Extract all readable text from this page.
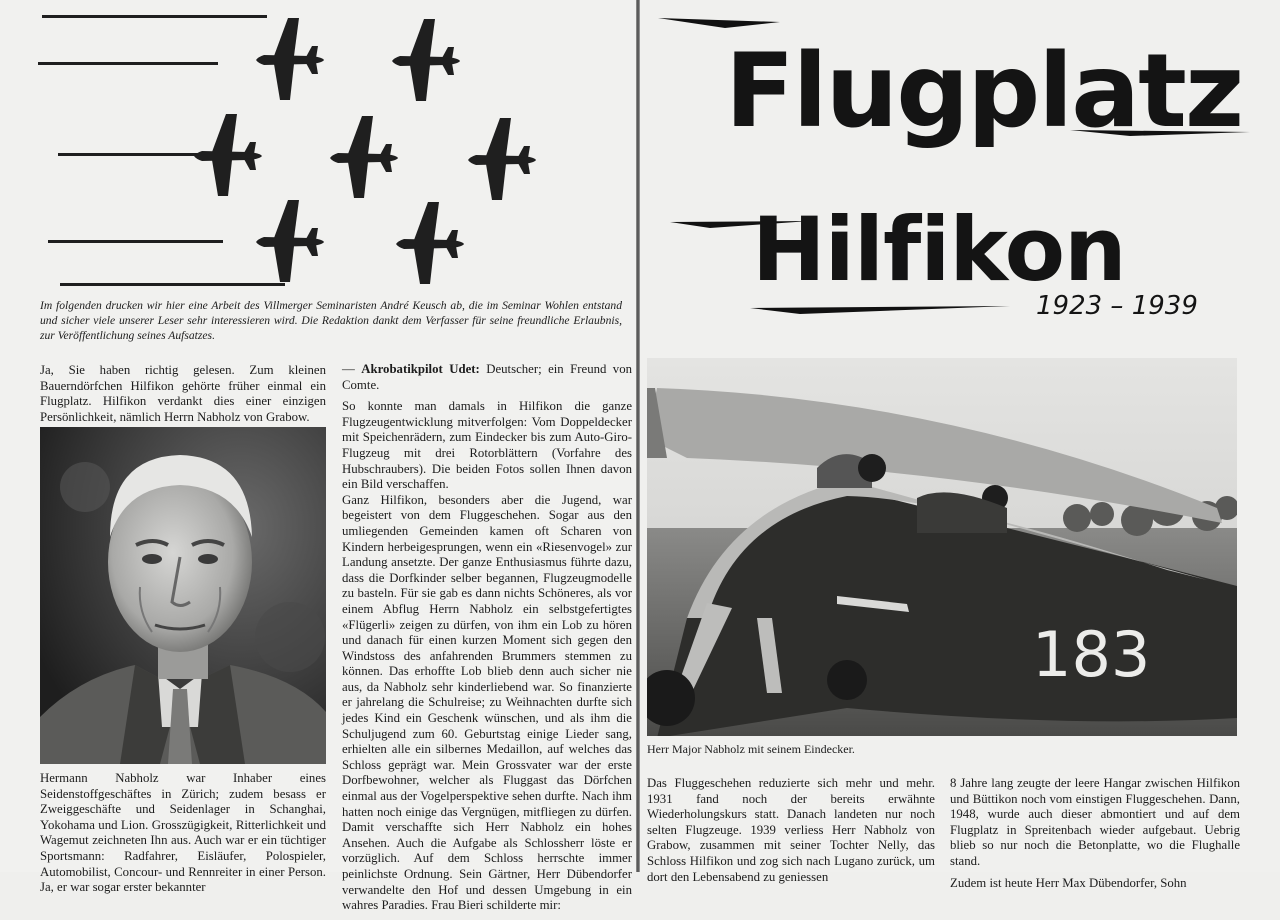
Im folgenden drucken wir hier eine Arbeit des Villmerger Seminaristen André Keusch ab, die im Seminar Wohlen entstand und sicher viele unserer Leser sehr interessieren wird. Die Redaktion dankt dem Verfasser für seine freundliche Erlaubnis, zur Veröffentlichung seines Aufsatzes.

Ja, Sie haben richtig gelesen. Zum kleinen Bauerndörfchen Hilfikon gehörte früher einmal ein Flugplatz. Hilfikon verdankt dies einer einzigen Persönlichkeit, nämlich Herrn Nabholz von Grabow.

Hermann Nabholz war Inhaber eines Seidenstoffgeschäftes in Zürich; zudem besass er Zweiggeschäfte und Seidenlager in Schanghai, Yokohama und Lion. Grosszügigkeit, Ritterlichkeit und Wagemut zeichneten Ihn aus. Auch war er ein tüchtiger Sportsmann: Radfahrer, Eisläufer, Polospieler, Automobilist, Concour- und Rennreiter in einer Person. Ja, er war sogar erster bekannter

— Akrobatikpilot Udet: Deutscher; ein Freund von Comte.

So konnte man damals in Hilfikon die ganze Flugzeugentwicklung mitverfolgen: Vom Doppeldecker mit Speichenrädern, zum Eindecker bis zum Auto-Giro-Flugzeug mit drei Rotorblättern (Vorfahre des Hubschraubers). Die beiden Fotos sollen Ihnen davon ein Bild verschaffen.

Ganz Hilfikon, besonders aber die Jugend, war begeistert von dem Fluggeschehen. Sogar aus den umliegenden Gemeinden kamen oft Scharen von Kindern herbeigesprungen, wenn ein «Riesenvogel» zur Landung ansetzte. Der ganze Enthusiasmus führte dazu, dass die Dorfkinder selber begannen, Flugzeugmodelle zu basteln. Für sie gab es dann nichts Schöneres, als vor einem Abflug Herrn Nabholz ein selbstgefertigtes «Flügerli» zeigen zu dürfen, von ihm ein Lob zu hören und danach für einen kurzen Moment sich gegen den Windstoss des anfahrenden Brummers stemmen zu können. Das erhoffte Lob blieb denn auch sicher nie aus, da Nabholz sehr kinderliebend war. So finanzierte er jahrelang die Schulreise; zu Weihnachten durfte sich jedes Kind ein Geschenk wünschen, und als ihm die Schuljugend zum 60. Geburtstag einige Lieder sang, erhielten alle ein silbernes Medaillon, auf welches das Schloss geprägt war. Mein Grossvater war der erste Dorfbewohner, welcher als Fluggast das Dörfchen einmal aus der Vogelperspektive sehen durfte. Nach ihm hatten noch einige das Vergnügen, mitfliegen zu dürfen. Damit verschaffte sich Herr Nabholz ein hohes Ansehen. Auch die Aufgabe als Schlossherr löste er vorzüglich. Auf dem Schloss herrschte immer peinlichste Ordnung. Sein Gärtner, Herr Dübendorfer verwandelte den Hof und dessen Umgebung in ein wahres Paradies. Frau Bieri schilderte mir:

Flugplatz
Hilfikon
1923 – 1939
183

Herr Major Nabholz mit seinem Eindecker.

Das Fluggeschehen reduzierte sich mehr und mehr. 1931 fand noch der bereits erwähnte Wiederholungskurs statt. Danach landeten nur noch selten Flugzeuge. 1939 verliess Herr Nabholz von Grabow, zusammen mit seiner Tochter Nelly, das Schloss Hilfikon und zog sich nach Lugano zurück, um dort den Lebensabend zu geniessen

8 Jahre lang zeugte der leere Hangar zwischen Hilfikon und Büttikon noch vom einstigen Fluggeschehen. Dann, 1948, wurde auch dieser abmontiert und auf dem Flugplatz in Spreitenbach wieder aufgebaut. Uebrig blieb so nur noch die Betonplatte, wo die Flughalle stand.

Zudem ist heute Herr Max Dübendorfer, Sohn
